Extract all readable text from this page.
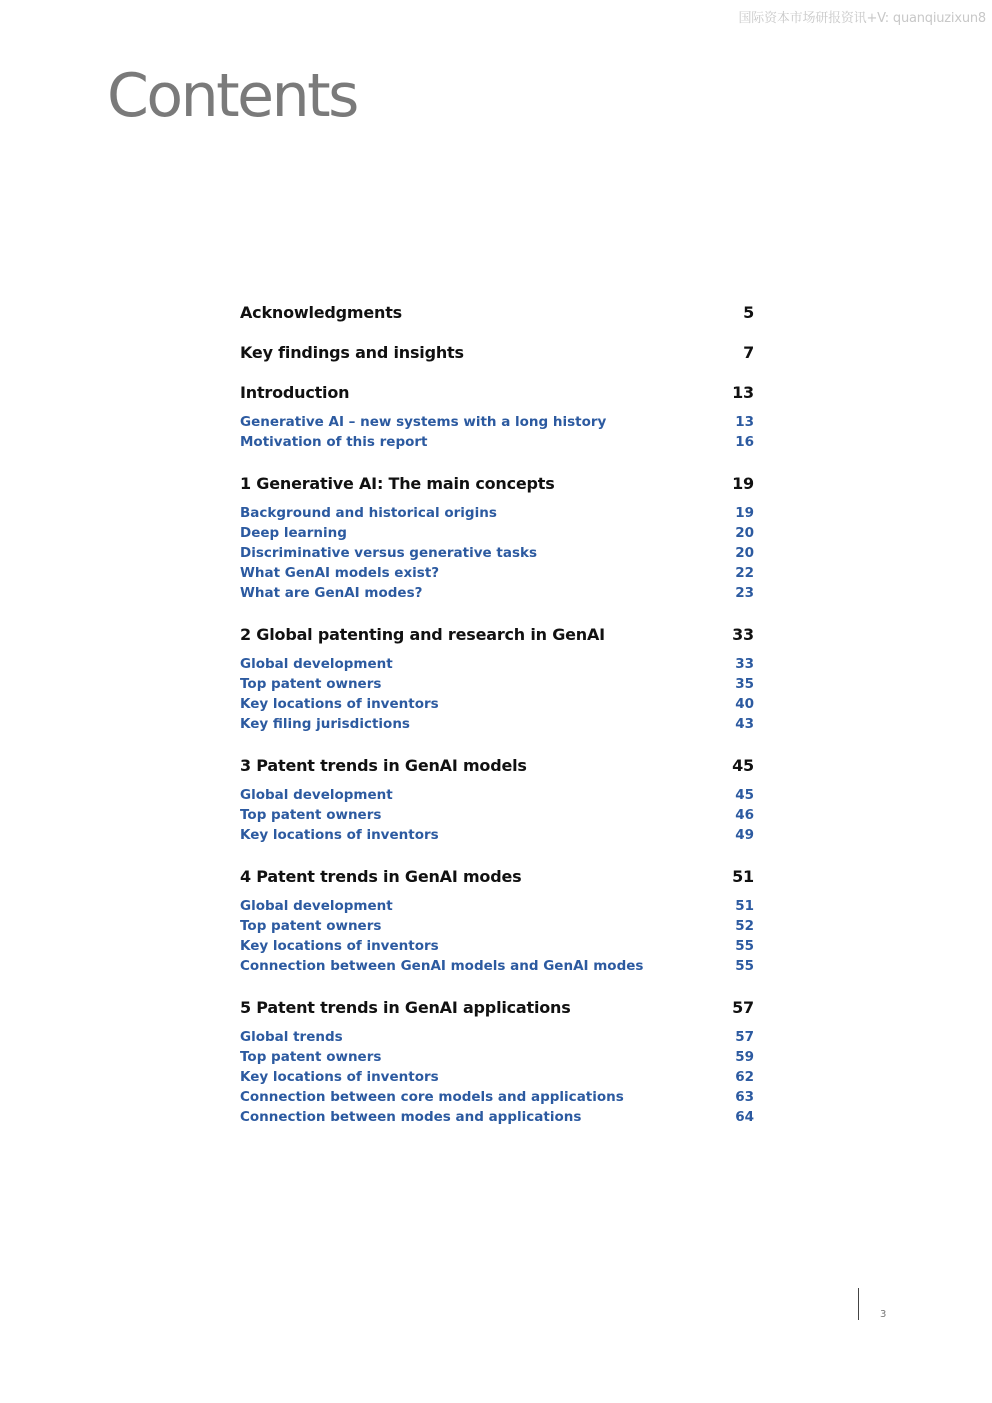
国际资本市场研报资讯+V: quanqiuzixun8
Contents
Acknowledgments	5
Key findings and insights	7
Introduction	13
Generative AI – new systems with a long history	13
Motivation of this report	16
1 Generative AI: The main concepts	19
Background and historical origins	19
Deep learning	20
Discriminative versus generative tasks	20
What GenAI models exist?	22
What are GenAI modes?	23
2 Global patenting and research in GenAI	33
Global development	33
Top patent owners	35
Key locations of inventors	40
Key filing jurisdictions	43
3 Patent trends in GenAI models	45
Global development	45
Top patent owners	46
Key locations of inventors	49
4 Patent trends in GenAI modes	51
Global development	51
Top patent owners	52
Key locations of inventors	55
Connection between GenAI models and GenAI modes	55
5 Patent trends in GenAI applications	57
Global trends	57
Top patent owners	59
Key locations of inventors	62
Connection between core models and applications	63
Connection between modes and applications	64
3
